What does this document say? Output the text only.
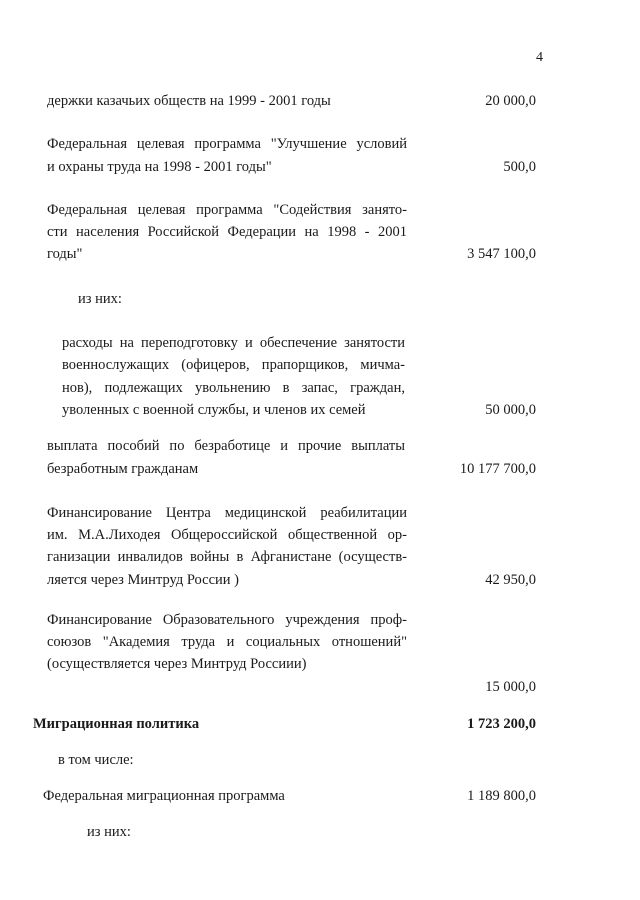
4
держки казачьих обществ на 1999 - 2001 годы	20 000,0
Федеральная целевая программа "Улучшение условий
и охраны труда на 1998 - 2001 годы"	500,0
Федеральная целевая программа "Содействия занято-
сти населения Российской Федерации на 1998 - 2001
годы"	3 547 100,0
из них:
расходы на переподготовку и обеспечение занятости
военнослужащих (офицеров, прапорщиков, мичма-
нов), подлежащих увольнению в запас, граждан,
уволенных с военной службы, и членов их семей	50 000,0
выплата пособий по безработице и прочие выплаты
безработным гражданам	10 177 700,0
Финансирование Центра медицинской реабилитации
им. М.А.Лиходея Общероссийской общественной ор-
ганизации инвалидов войны в Афганистане (осуществ-
ляется через Минтруд России )	42 950,0
Финансирование Образовательного учреждения проф-
союзов "Академия труда и социальных отношений"
(осуществляется через Минтруд Россиии)
15 000,0
Миграционная политика	1 723 200,0
в том числе:
Федеральная миграционная программа	1 189 800,0
из них:
